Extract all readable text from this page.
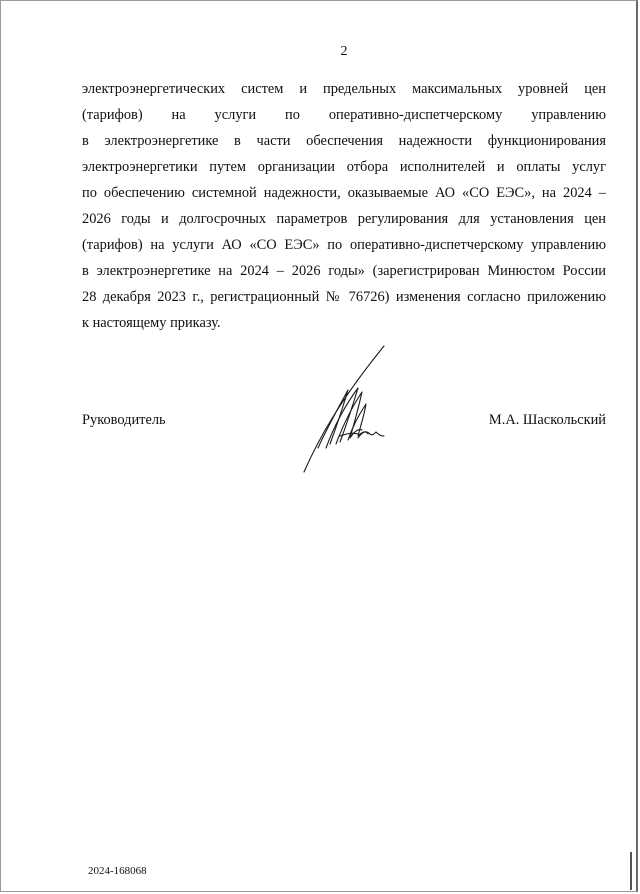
2
электроэнергетических систем и предельных максимальных уровней цен
(тарифов) на услуги по оперативно-диспетчерскому управлению
в электроэнергетике в части обеспечения надежности функционирования
электроэнергетики путем организации отбора исполнителей и оплаты услуг
по обеспечению системной надежности, оказываемые АО «СО ЕЭС», на 2024 –
2026 годы и долгосрочных параметров регулирования для установления цен
(тарифов) на услуги АО «СО ЕЭС» по оперативно-диспетчерскому управлению
в электроэнергетике на 2024 – 2026 годы» (зарегистрирован Минюстом России
28 декабря 2023 г., регистрационный № 76726) изменения согласно приложению
к настоящему приказу.
Руководитель	М.А. Шаскольский
2024-168068
